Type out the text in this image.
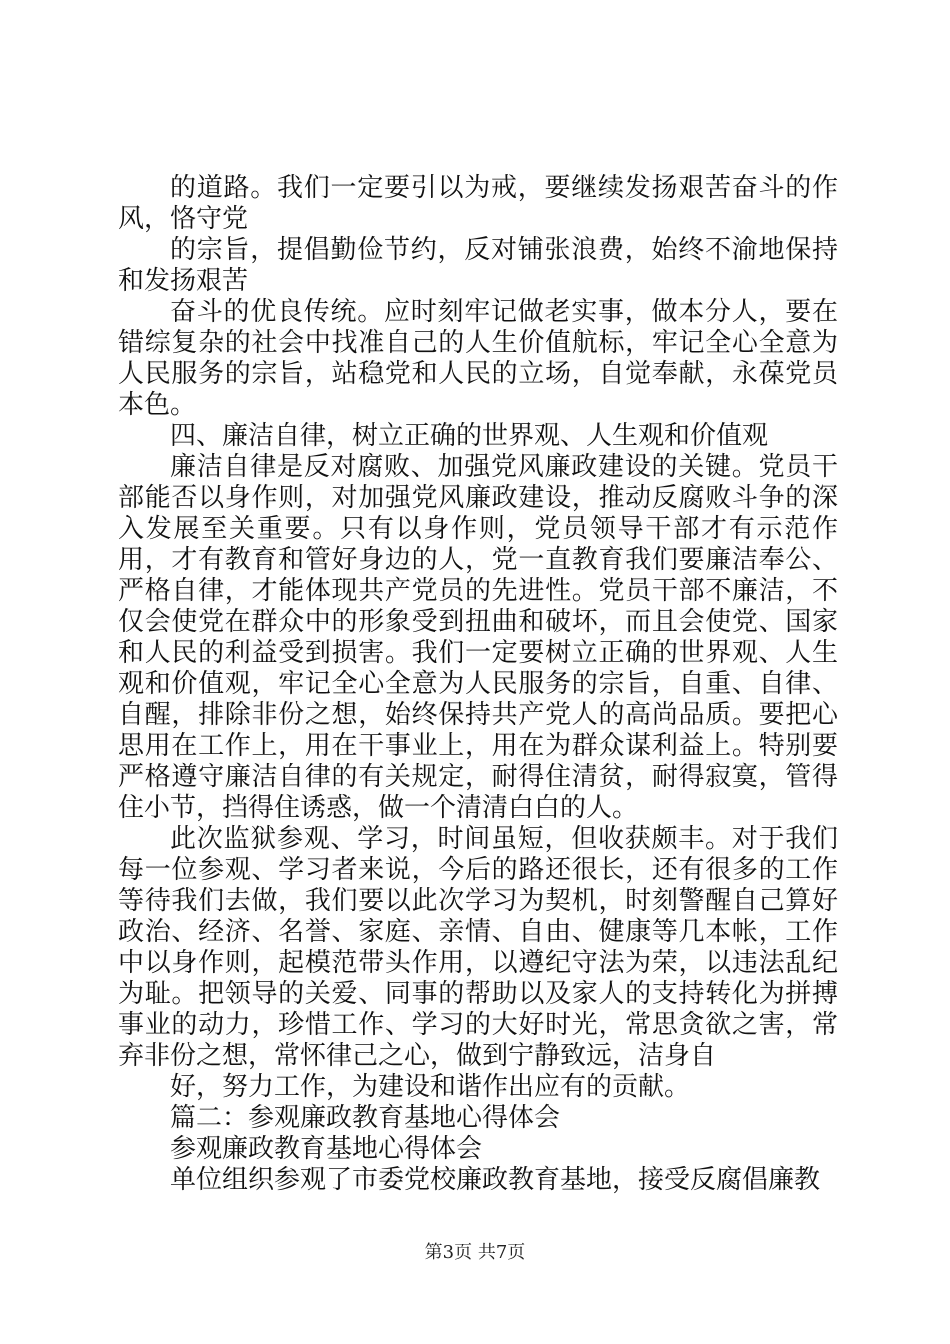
的道路。我们一定要引以为戒，要继续发扬艰苦奋斗的作风，恪守党

的宗旨，提倡勤俭节约，反对铺张浪费，始终不渝地保持和发扬艰苦

奋斗的优良传统。应时刻牢记做老实事，做本分人，要在错综复杂的社会中找准自己的人生价值航标，牢记全心全意为人民服务的宗旨，站稳党和人民的立场，自觉奉献，永葆党员本色。

四、廉洁自律，树立正确的世界观、人生观和价值观

廉洁自律是反对腐败、加强党风廉政建设的关键。党员干部能否以身作则，对加强党风廉政建设，推动反腐败斗争的深入发展至关重要。只有以身作则，党员领导干部才有示范作用，才有教育和管好身边的人，党一直教育我们要廉洁奉公、严格自律，才能体现共产党员的先进性。党员干部不廉洁，不仅会使党在群众中的形象受到扭曲和破坏，而且会使党、国家和人民的利益受到损害。我们一定要树立正确的世界观、人生观和价值观，牢记全心全意为人民服务的宗旨，自重、自律、自醒，排除非份之想，始终保持共产党人的高尚品质。要把心思用在工作上，用在干事业上，用在为群众谋利益上。特别要严格遵守廉洁自律的有关规定，耐得住清贫，耐得寂寞，管得住小节，挡得住诱惑，做一个清清白白的人。

此次监狱参观、学习，时间虽短，但收获颇丰。对于我们每一位参观、学习者来说，今后的路还很长，还有很多的工作等待我们去做，我们要以此次学习为契机，时刻警醒自己算好政治、经济、名誉、家庭、亲情、自由、健康等几本帐，工作中以身作则，起模范带头作用，以遵纪守法为荣，以违法乱纪为耻。把领导的关爱、同事的帮助以及家人的支持转化为拼搏事业的动力，珍惜工作、学习的大好时光，常思贪欲之害，常弃非份之想，常怀律己之心，做到宁静致远，洁身自

好，努力工作，为建设和谐作出应有的贡献。

篇二：参观廉政教育基地心得体会

参观廉政教育基地心得体会

单位组织参观了市委党校廉政教育基地，接受反腐倡廉教

第3页 共7页
